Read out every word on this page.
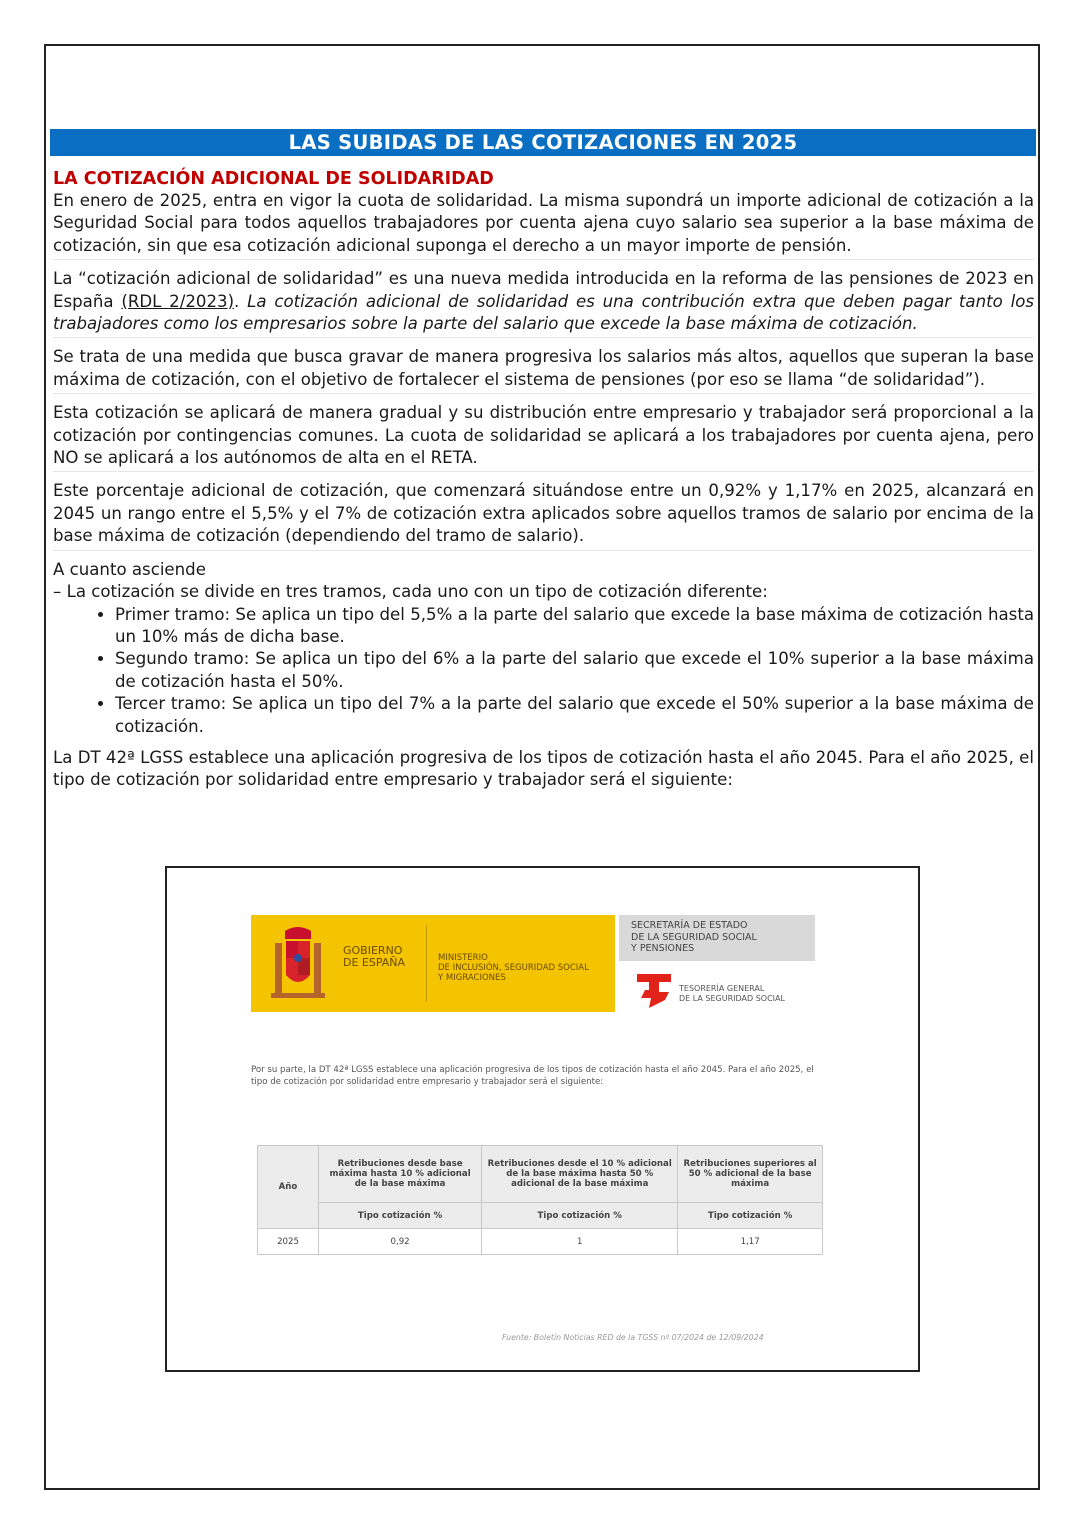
LAS SUBIDAS DE LAS COTIZACIONES EN 2025
LA COTIZACIÓN ADICIONAL DE SOLIDARIDAD

En enero de 2025, entra en vigor la cuota de solidaridad. La misma supondrá un importe adicional de cotización a la Seguridad Social para todos aquellos trabajadores por cuenta ajena cuyo salario sea superior a la base máxima de cotización, sin que esa cotización adicional suponga el derecho a un mayor importe de pensión.

La “cotización adicional de solidaridad” es una nueva medida introducida en la reforma de las pensiones de 2023 en España (RDL 2/2023). La cotización adicional de solidaridad es una contribución extra que deben pagar tanto los trabajadores como los empresarios sobre la parte del salario que excede la base máxima de cotización.

Se trata de una medida que busca gravar de manera progresiva los salarios más altos, aquellos que superan la base máxima de cotización, con el objetivo de fortalecer el sistema de pensiones (por eso se llama “de solidaridad”).

Esta cotización se aplicará de manera gradual y su distribución entre empresario y trabajador será proporcional a la cotización por contingencias comunes. La cuota de solidaridad se aplicará a los trabajadores por cuenta ajena, pero NO se aplicará a los autónomos de alta en el RETA.

Este porcentaje adicional de cotización, que comenzará situándose entre un 0,92% y 1,17% en 2025, alcanzará en 2045 un rango entre el 5,5% y el 7% de cotización extra aplicados sobre aquellos tramos de salario por encima de la base máxima de cotización (dependiendo del tramo de salario).

A cuanto asciende
– La cotización se divide en tres tramos, cada uno con un tipo de cotización diferente:
• Primer tramo: Se aplica un tipo del 5,5% a la parte del salario que excede la base máxima de cotización hasta un 10% más de dicha base.
• Segundo tramo: Se aplica un tipo del 6% a la parte del salario que excede el 10% superior a la base máxima de cotización hasta el 50%.
• Tercer tramo: Se aplica un tipo del 7% a la parte del salario que excede el 50% superior a la base máxima de cotización.

La DT 42ª LGSS establece una aplicación progresiva de los tipos de cotización hasta el año 2045. Para el año 2025, el tipo de cotización por solidaridad entre empresario y trabajador será el siguiente:

GOBIERNO
DE ESPAÑA	MINISTERIO
DE INCLUSIÓN, SEGURIDAD SOCIAL
Y MIGRACIONES
SECRETARÍA DE ESTADO
DE LA SEGURIDAD SOCIAL
Y PENSIONES
TESORERÍA GENERAL
DE LA SEGURIDAD SOCIAL
Por su parte, la DT 42ª LGSS establece una aplicación progresiva de los tipos de cotización hasta el año 2045. Para el año 2025, el tipo de cotización por solidaridad entre empresario y trabajador será el siguiente:
Año	Retribuciones desde base máxima hasta 10 % adicional de la base máxima	Retribuciones desde el 10 % adicional de la base máxima hasta 50 % adicional de la base máxima	Retribuciones superiores al 50 % adicional de la base máxima
	Tipo cotización %	Tipo cotización %	Tipo cotización %
2025	0,92	1	1,17
Fuente: Boletín Noticias RED de la TGSS nº 07/2024 de 12/09/2024
